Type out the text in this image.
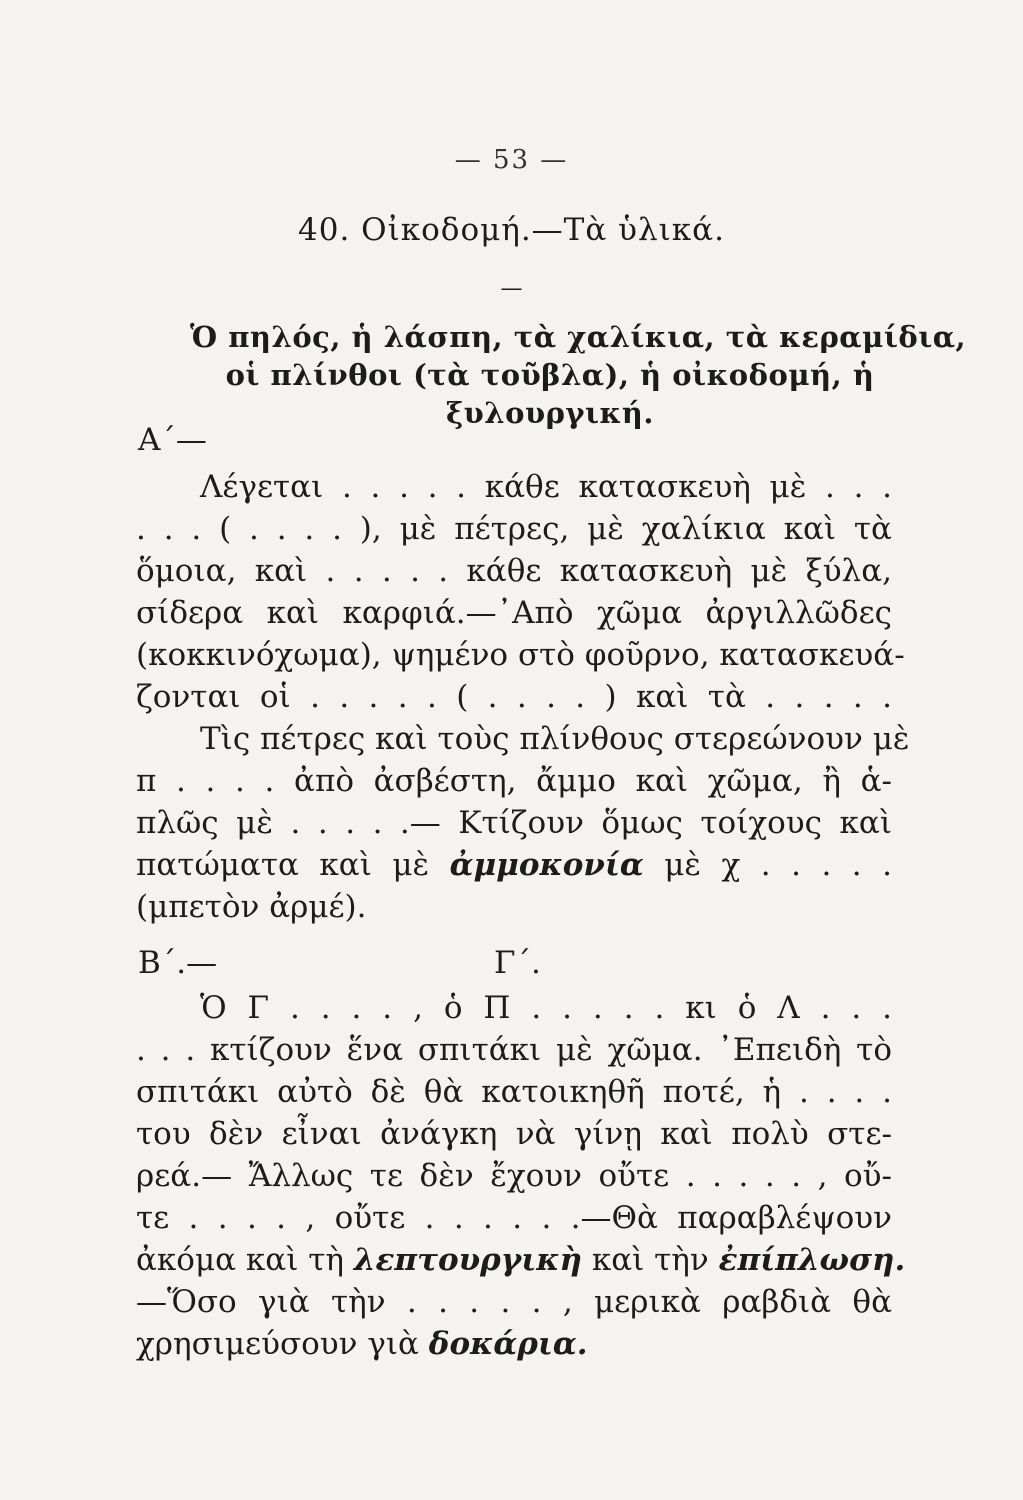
— 53 —
40. Οἰκοδομή.—Τὰ ὑλικά.
—
Ὁ πηλός, ἡ λάσπη, τὰ χαλίκια, τὰ κεραμίδια,
οἱ πλίνθοι (τὰ τοῦβλα), ἡ οἰκοδομή, ἡ
ξυλουργική.
Α΄—
Λέγεται . . . . . κάθε κατασκευὴ μὲ . . .
. . . ( . . . . ), μὲ πέτρες, μὲ χαλίκια καὶ τὰ
ὅμοια, καὶ . . . . . κάθε κατασκευὴ μὲ ξύλα,
σίδερα καὶ καρφιά.—᾿Απὸ χῶμα ἀργιλλῶδες
(κοκκινόχωμα), ψημένο στὸ φοῦρνο, κατασκευά-
ζονται οἱ . . . . . ( . . . . ) καὶ τὰ . . . . .
Τὶς πέτρες καὶ τοὺς πλίνθους στερεώνουν μὲ
π . . . . ἀπὸ ἀσβέστη, ἄμμο καὶ χῶμα, ἢ ἁ-
πλῶς μὲ . . . . .— Κτίζουν ὅμως τοίχους καὶ
πατώματα καὶ μὲ ἀμμοκονία μὲ χ . . . . .
(μπετὸν ἀρμέ).
Β΄.—	Γ΄.
Ὁ Γ . . . . , ὁ Π . . . . . κι ὁ Λ . . .
. . . κτίζουν ἕνα σπιτάκι μὲ χῶμα. ᾿Επειδὴ τὸ
σπιτάκι αὐτὸ δὲ θὰ κατοικηθῆ ποτέ, ἡ . . . .
του δὲν εἶναι ἀνάγκη νὰ γίνῃ καὶ πολὺ στε-
ρεά.— Ἄλλως τε δὲν ἔχουν οὔτε . . . . . , οὔ-
τε . . . . , οὔτε . . . . . .—Θὰ παραβλέψουν
ἀκόμα καὶ τὴ λεπτουργικὴ καὶ τὴν ἐπίπλωση.
—Ὅσο γιὰ τὴν . . . . . , μερικὰ ραβδιὰ θὰ
χρησιμεύσουν γιὰ δοκάρια.
